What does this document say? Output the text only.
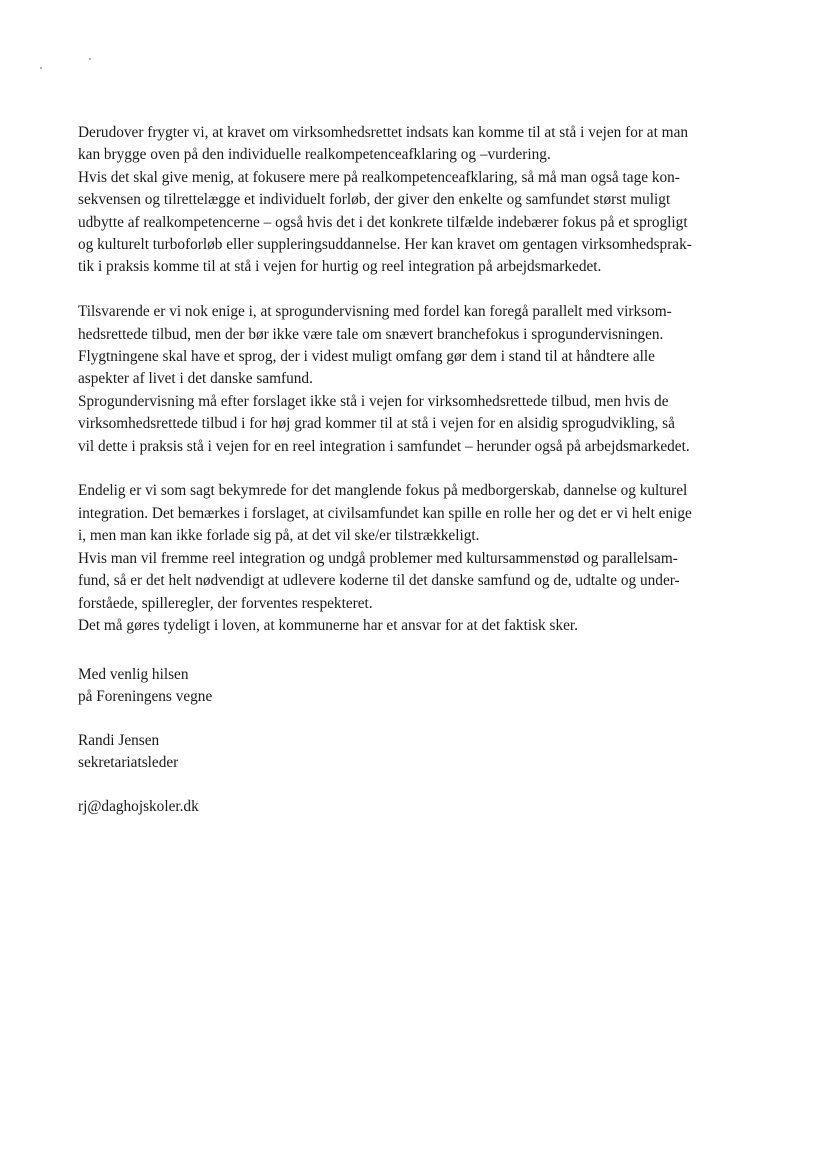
Derudover frygter vi, at kravet om virksomhedsrettet indsats kan komme til at stå i vejen for at man
kan brygge oven på den individuelle realkompetenceafklaring og –vurdering.
Hvis det skal give menig, at fokusere mere på realkompetenceafklaring, så må man også tage kon-
sekvensen og tilrettelægge et individuelt forløb, der giver den enkelte og samfundet størst muligt
udbytte af realkompetencerne – også hvis det i det konkrete tilfælde indebærer fokus på et sprogligt
og kulturelt turboforløb eller suppleringsuddannelse. Her kan kravet om gentagen virksomhedsprak-
tik i praksis komme til at stå i vejen for hurtig og reel integration på arbejdsmarkedet.
Tilsvarende er vi nok enige i, at sprogundervisning med fordel kan foregå parallelt med virksom-
hedsrettede tilbud, men der bør ikke være tale om snævert branchefokus i sprogundervisningen.
Flygtningene skal have et sprog, der i videst muligt omfang gør dem i stand til at håndtere alle
aspekter af livet i det danske samfund.
Sprogundervisning må efter forslaget ikke stå i vejen for virksomhedsrettede tilbud, men hvis de
virksomhedsrettede tilbud i for høj grad kommer til at stå i vejen for en alsidig sprogudvikling, så
vil dette i praksis stå i vejen for en reel integration i samfundet – herunder også på arbejdsmarkedet.
Endelig er vi som sagt bekymrede for det manglende fokus på medborgerskab, dannelse og kulturel
integration. Det bemærkes i forslaget, at civilsamfundet kan spille en rolle her og det er vi helt enige
i, men man kan ikke forlade sig på, at det vil ske/er tilstrækkeligt.
Hvis man vil fremme reel integration og undgå problemer med kultursammenstød og parallelsam-
fund, så er det helt nødvendigt at udlevere koderne til det danske samfund og de, udtalte og under-
forståede, spilleregler, der forventes respekteret.
Det må gøres tydeligt i loven, at kommunerne har et ansvar for at det faktisk sker.
Med venlig hilsen
på Foreningens vegne
Randi Jensen
sekretariatsleder
rj@daghojskoler.dk
